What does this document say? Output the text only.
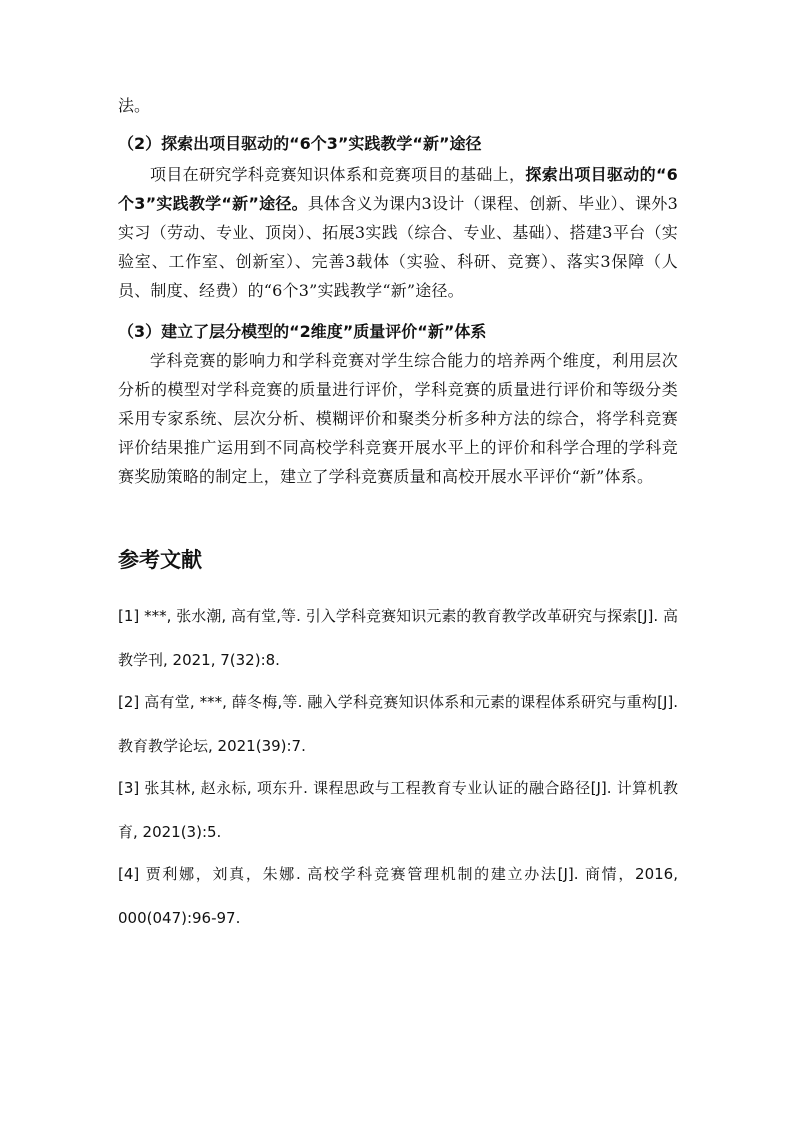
法。
（2）探索出项目驱动的“6个3”实践教学“新”途径
项目在研究学科竞赛知识体系和竞赛项目的基础上，探索出项目驱动的“6个3”实践教学“新”途径。具体含义为课内3设计（课程、创新、毕业）、课外3实习（劳动、专业、顶岗）、拓展3实践（综合、专业、基础）、搭建3平台（实验室、工作室、创新室）、完善3载体（实验、科研、竞赛）、落实3保障（人员、制度、经费）的“6个3”实践教学“新”途径。
（3）建立了层分模型的“2维度”质量评价“新”体系
学科竞赛的影响力和学科竞赛对学生综合能力的培养两个维度，利用层次分析的模型对学科竞赛的质量进行评价，学科竞赛的质量进行评价和等级分类采用专家系统、层次分析、模糊评价和聚类分析多种方法的综合，将学科竞赛评价结果推广运用到不同高校学科竞赛开展水平上的评价和科学合理的学科竞赛奖励策略的制定上，建立了学科竞赛质量和高校开展水平评价“新”体系。
参考文献
[1] ***, 张水潮, 高有堂,等. 引入学科竞赛知识元素的教育教学改革研究与探索[J]. 高教学刊, 2021, 7(32):8.
[2] 高有堂, ***, 薛冬梅,等. 融入学科竞赛知识体系和元素的课程体系研究与重构[J]. 教育教学论坛, 2021(39):7.
[3] 张其林, 赵永标, 项东升. 课程思政与工程教育专业认证的融合路径[J]. 计算机教育, 2021(3):5.
[4] 贾利娜，刘真，朱娜. 高校学科竞赛管理机制的建立办法[J]. 商情，2016, 000(047):96-97.
